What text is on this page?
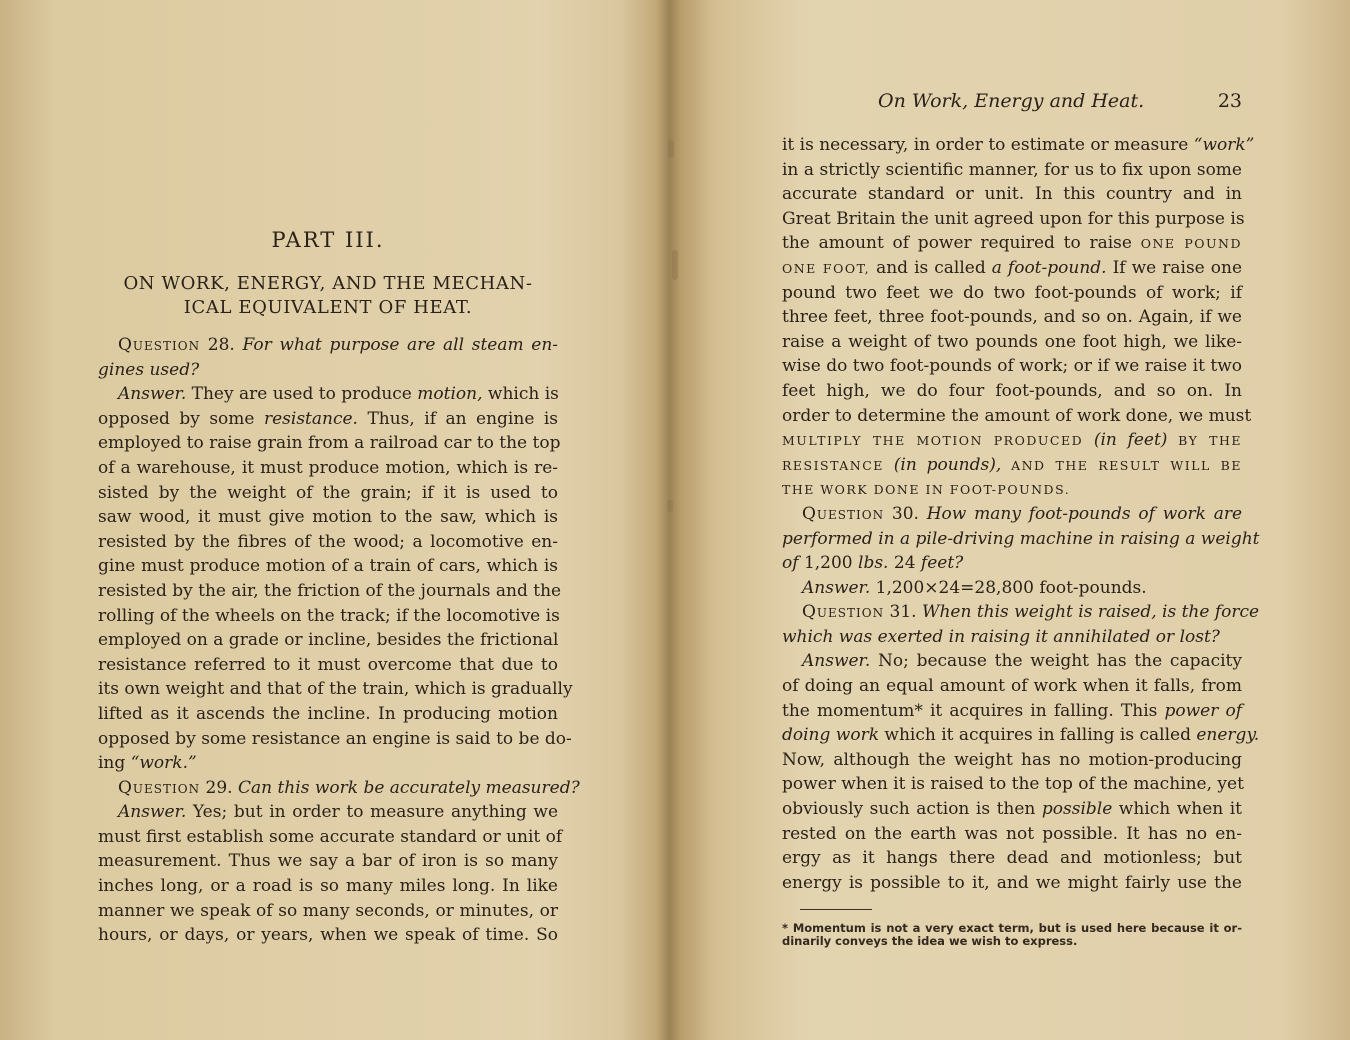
PART III.
ON WORK, ENERGY, AND THE MECHAN-
ICAL EQUIVALENT OF HEAT.
Question 28. For what purpose are all steam en-
gines used?
Answer. They are used to produce motion, which is
opposed by some resistance. Thus, if an engine is
employed to raise grain from a railroad car to the top
of a warehouse, it must produce motion, which is re-
sisted by the weight of the grain; if it is used to
saw wood, it must give motion to the saw, which is
resisted by the fibres of the wood; a locomotive en-
gine must produce motion of a train of cars, which is
resisted by the air, the friction of the journals and the
rolling of the wheels on the track; if the locomotive is
employed on a grade or incline, besides the frictional
resistance referred to it must overcome that due to
its own weight and that of the train, which is gradually
lifted as it ascends the incline. In producing motion
opposed by some resistance an engine is said to be do-
ing “work.”
Question 29. Can this work be accurately measured?
Answer. Yes; but in order to measure anything we
must first establish some accurate standard or unit of
measurement. Thus we say a bar of iron is so many
inches long, or a road is so many miles long. In like
manner we speak of so many seconds, or minutes, or
hours, or days, or years, when we speak of time. So
On Work, Energy and Heat.	23
it is necessary, in order to estimate or measure “work”
in a strictly scientific manner, for us to fix upon some
accurate standard or unit. In this country and in
Great Britain the unit agreed upon for this purpose is
the amount of power required to raise ONE POUND
ONE FOOT, and is called a foot-pound. If we raise one
pound two feet we do two foot-pounds of work; if
three feet, three foot-pounds, and so on. Again, if we
raise a weight of two pounds one foot high, we like-
wise do two foot-pounds of work; or if we raise it two
feet high, we do four foot-pounds, and so on. In
order to determine the amount of work done, we must
MULTIPLY THE MOTION PRODUCED (in feet) BY THE
RESISTANCE (in pounds), AND THE RESULT WILL BE
THE WORK DONE IN FOOT-POUNDS.
Question 30. How many foot-pounds of work are
performed in a pile-driving machine in raising a weight
of 1,200 lbs. 24 feet?
Answer. 1,200×24=28,800 foot-pounds.
Question 31. When this weight is raised, is the force
which was exerted in raising it annihilated or lost?
Answer. No; because the weight has the capacity
of doing an equal amount of work when it falls, from
the momentum* it acquires in falling. This power of
doing work which it acquires in falling is called energy.
Now, although the weight has no motion-producing
power when it is raised to the top of the machine, yet
obviously such action is then possible which when it
rested on the earth was not possible. It has no en-
ergy as it hangs there dead and motionless; but
energy is possible to it, and we might fairly use the
* Momentum is not a very exact term, but is used here because it or-
dinarily conveys the idea we wish to express.
